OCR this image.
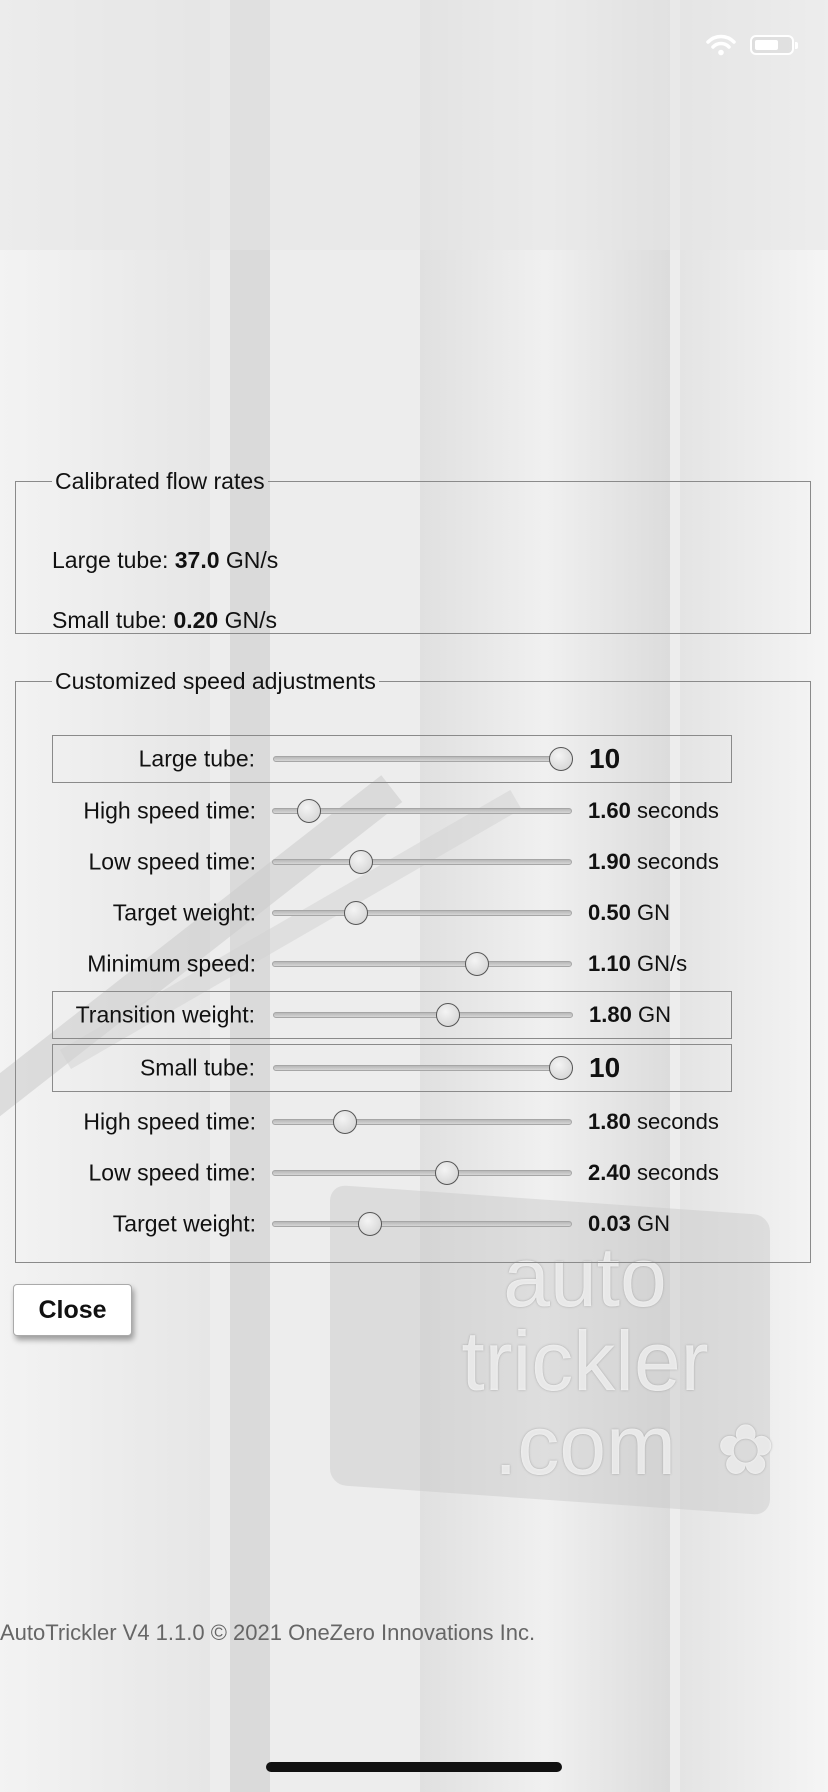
auto
trickler
.com ✿
Calibrated flow rates
Large tube: 37.0 GN/s
Small tube: 0.20 GN/s
Customized speed adjustments
Large tube:	10
High speed time:	1.60 seconds
Low speed time:	1.90 seconds
Target weight:	0.50 GN
Minimum speed:	1.10 GN/s
Transition weight:	1.80 GN
Small tube:	10
High speed time:	1.80 seconds
Low speed time:	2.40 seconds
Target weight:	0.03 GN
Close
AutoTrickler V4 1.1.0 © 2021 OneZero Innovations Inc.
